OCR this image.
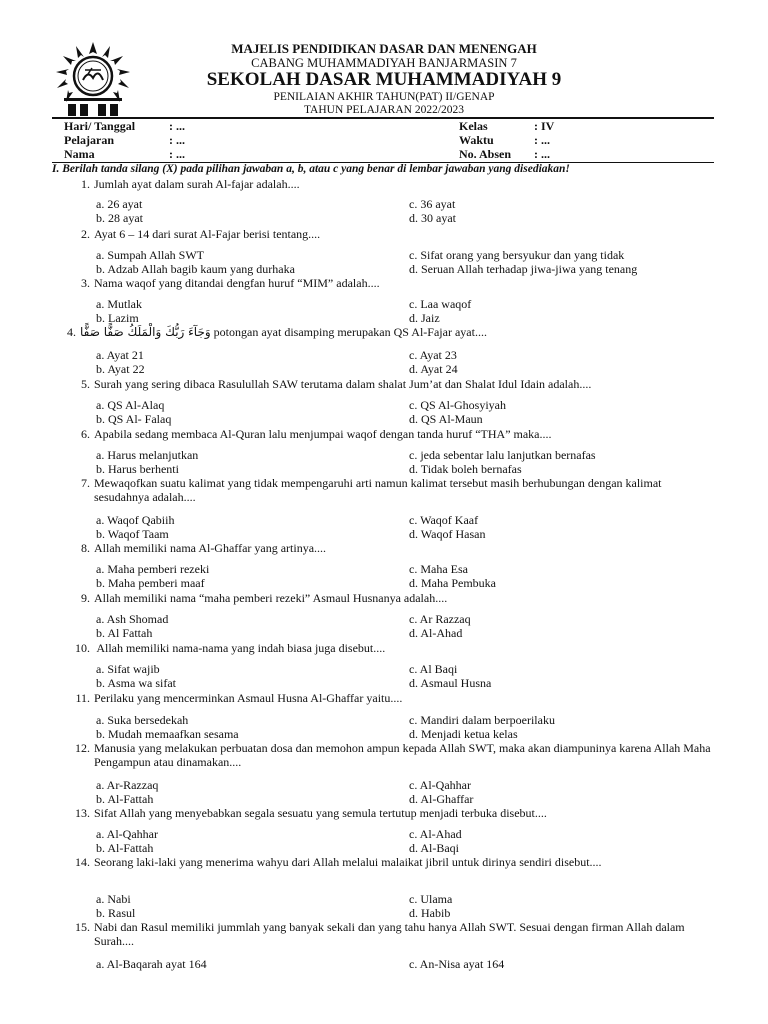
MAJELIS PENDIDIKAN DASAR DAN MENENGAH
CABANG MUHAMMADIYAH BANJARMASIN 7
SEKOLAH DASAR MUHAMMADIYAH 9
PENILAIAN AKHIR TAHUN(PAT) II/GENAP
TAHUN PELAJARAN 2022/2023
Hari/ Tanggal	: ...
Pelajaran	: ...
Nama	: ...
Kelas	: IV
Waktu	: ...
No. Absen : ...
I. Berilah tanda silang (X) pada pilihan jawaban a, b, atau c yang benar di lembar jawaban yang disediakan!
1. Jumlah ayat dalam surah Al-fajar adalah....
a. 26 ayat
b. 28 ayat
c. 36 ayat
d. 30 ayat
2. Ayat 6 – 14 dari surat Al-Fajar berisi tentang....
a. Sumpah Allah SWT
b. Adzab Allah bagib kaum yang durhaka
c. Sifat orang yang bersyukur dan yang tidak
d. Seruan Allah terhadap jiwa-jiwa yang tenang
3. Nama waqof yang ditandai dengfan huruf “MIM” adalah....
a. Mutlak
b. Lazim
c. Laa waqof
d. Jaiz
4. وَجَآءَ رَبُّكَ وَالْمَلَكُ صَفًّا صَفًّا potongan ayat disamping merupakan QS Al-Fajar ayat....
a. Ayat 21
b. Ayat 22
c. Ayat 23
d. Ayat 24
5. Surah yang sering dibaca Rasulullah SAW terutama dalam shalat Jum’at dan Shalat Idul Idain adalah....
a. QS Al-Alaq
b. QS Al- Falaq
c. QS Al-Ghosyiyah
d. QS Al-Maun
6. Apabila sedang membaca Al-Quran lalu menjumpai waqof dengan tanda huruf “THA” maka....
a. Harus melanjutkan
b. Harus berhenti
c. jeda sebentar lalu lanjutkan bernafas
d. Tidak boleh bernafas
7. Mewaqofkan suatu kalimat yang tidak mempengaruhi arti namun kalimat tersebut masih berhubungan dengan kalimat sesudahnya adalah....
a. Waqof Qabiih
b. Waqof Taam
c. Waqof Kaaf
d. Waqof Hasan
8. Allah memiliki nama Al-Ghaffar yang artinya....
a. Maha pemberi rezeki
b. Maha pemberi maaf
c. Maha Esa
d. Maha Pembuka
9. Allah memiliki nama “maha pemberi rezeki” Asmaul Husnanya adalah....
a. Ash Shomad
b. Al Fattah
c. Ar Razzaq
d. Al-Ahad
10. Allah memiliki nama-nama yang indah biasa juga disebut....
a. Sifat wajib
b. Asma wa sifat
c. Al Baqi
d. Asmaul Husna
11. Perilaku yang mencerminkan Asmaul Husna Al-Ghaffar yaitu....
a. Suka bersedekah
b. Mudah memaafkan sesama
c. Mandiri dalam berpoerilaku
d. Menjadi ketua kelas
12. Manusia yang melakukan perbuatan dosa dan memohon ampun kepada Allah SWT, maka akan diampuninya karena Allah Maha Pengampun atau dinamakan....
a. Ar-Razzaq
b. Al-Fattah
c. Al-Qahhar
d. Al-Ghaffar
13. Sifat Allah yang menyebabkan segala sesuatu yang semula tertutup menjadi terbuka disebut....
a. Al-Qahhar
b. Al-Fattah
c. Al-Ahad
d. Al-Baqi
14. Seorang laki-laki yang menerima wahyu dari Allah melalui malaikat jibril untuk dirinya sendiri disebut....
a. Nabi
b. Rasul
c. Ulama
d. Habib
15. Nabi dan Rasul memiliki jummlah yang banyak sekali dan yang tahu hanya Allah SWT. Sesuai dengan firman Allah dalam Surah....
a. Al-Baqarah ayat 164	c. An-Nisa ayat 164
